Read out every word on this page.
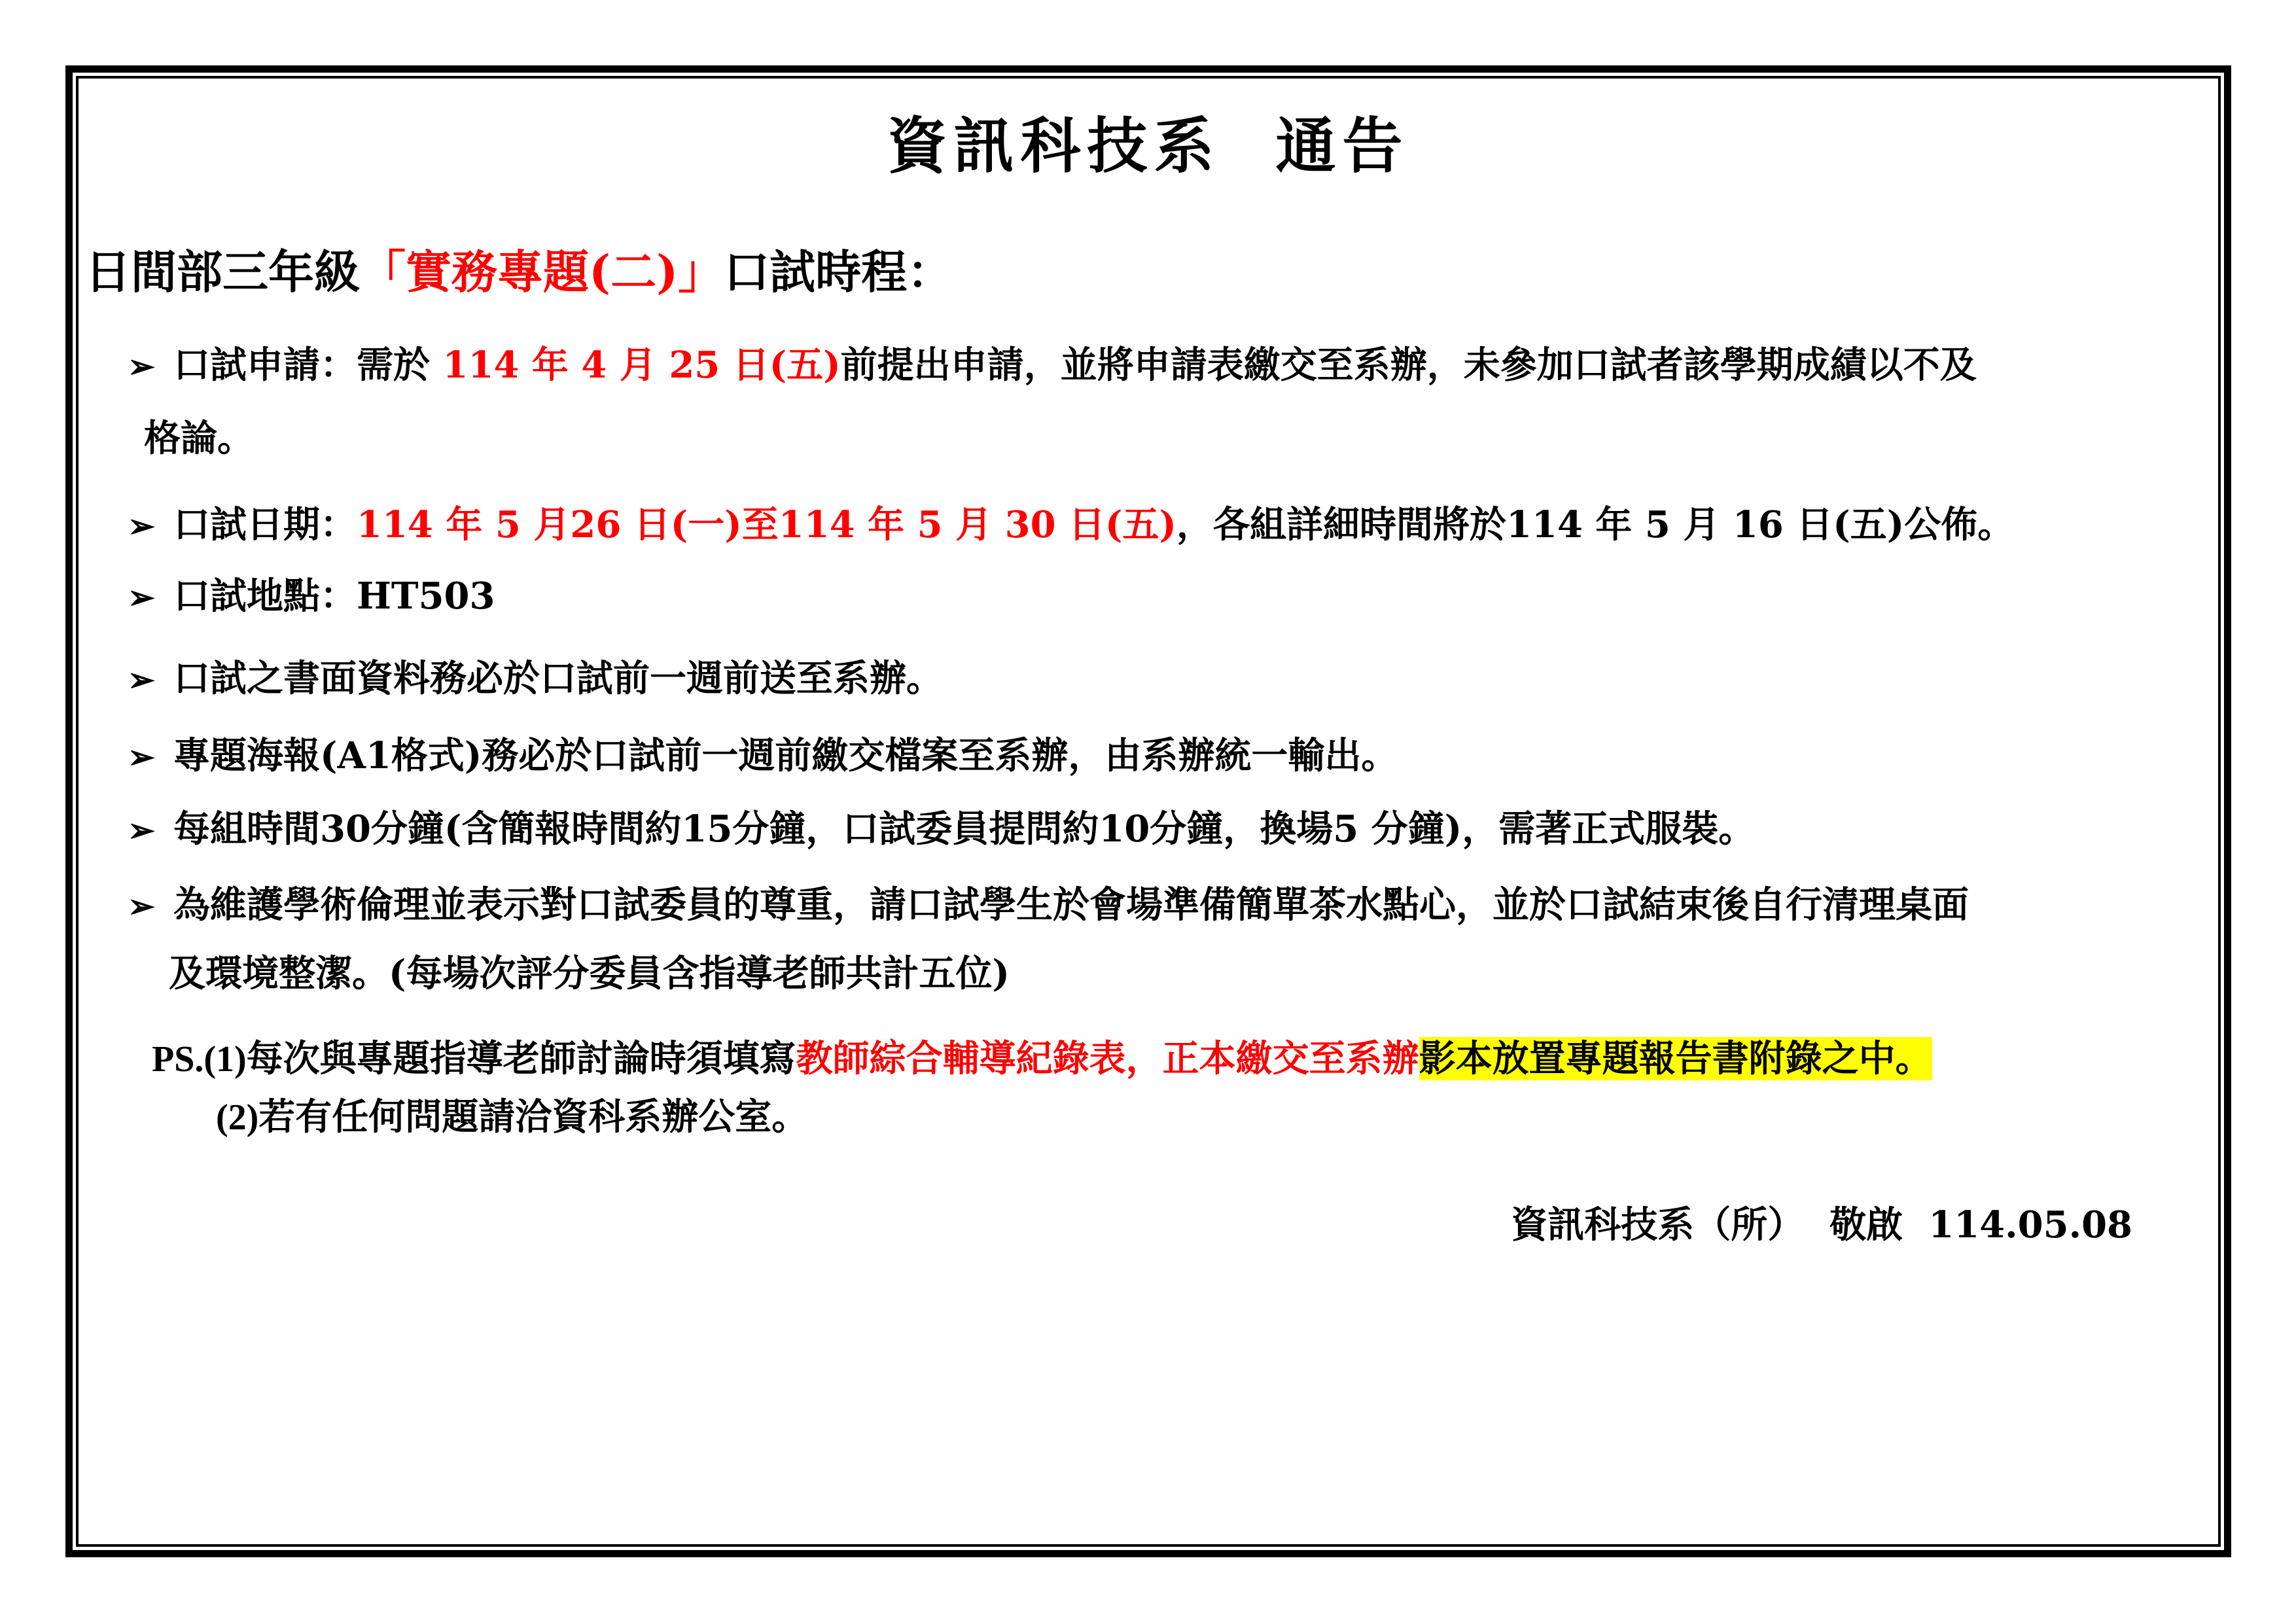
資訊科技系  通告
日間部三年級「實務專題(二)」口試時程：
➢ 口試申請：需於 114 年 4 月 25 日(五)前提出申請，並將申請表繳交至系辦，未參加口試者該學期成績以不及
格論。
➢ 口試日期：114 年 5 月26 日(一)至114 年 5 月 30 日(五)，各組詳細時間將於114 年 5 月 16 日(五)公佈。
➢ 口試地點：HT503
➢ 口試之書面資料務必於口試前一週前送至系辦。
➢ 專題海報(A1格式)務必於口試前一週前繳交檔案至系辦，由系辦統一輸出。
➢ 每組時間30分鐘(含簡報時間約15分鐘，口試委員提問約10分鐘，換場5 分鐘)，需著正式服裝。
➢ 為維護學術倫理並表示對口試委員的尊重，請口試學生於會場準備簡單茶水點心，並於口試結束後自行清理桌面
及環境整潔。(每場次評分委員含指導老師共計五位)
PS.(1)每次與專題指導老師討論時須填寫教師綜合輔導紀錄表，正本繳交至系辦影本放置專題報告書附錄之中。
(2)若有任何問題請洽資科系辦公室。
資訊科技系（所）  敬啟  114.05.08
